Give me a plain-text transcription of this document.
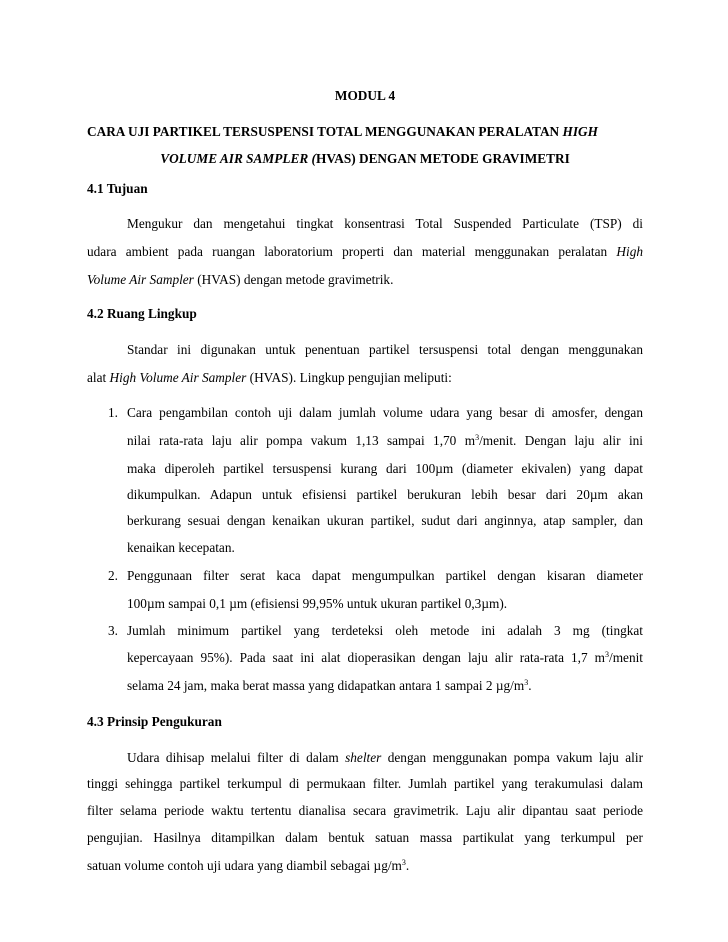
MODUL 4
CARA UJI PARTIKEL TERSUSPENSI TOTAL MENGGUNAKAN PERALATAN HIGH
VOLUME AIR SAMPLER (HVAS) DENGAN METODE GRAVIMETRI
4.1 Tujuan
Mengukur dan mengetahui tingkat konsentrasi Total Suspended Particulate (TSP) di
udara ambient pada ruangan laboratorium properti dan material menggunakan peralatan High
Volume Air Sampler (HVAS) dengan metode gravimetrik.
4.2 Ruang Lingkup
Standar ini digunakan untuk penentuan partikel tersuspensi total dengan menggunakan
alat High Volume Air Sampler (HVAS). Lingkup pengujian meliputi:
1. Cara pengambilan contoh uji dalam jumlah volume udara yang besar di amosfer, dengan
nilai rata-rata laju alir pompa vakum 1,13 sampai 1,70 $m^3$/menit. Dengan laju alir ini
maka diperoleh partikel tersuspensi kurang dari 100µm (diameter ekivalen) yang dapat
dikumpulkan. Adapun untuk efisiensi partikel berukuran lebih besar dari 20µm akan
berkurang sesuai dengan kenaikan ukuran partikel, sudut dari anginnya, atap sampler, dan
kenaikan kecepatan.
2. Penggunaan filter serat kaca dapat mengumpulkan partikel dengan kisaran diameter
100µm sampai 0,1 µm (efisiensi 99,95% untuk ukuran partikel 0,3µm).
3. Jumlah minimum partikel yang terdeteksi oleh metode ini adalah 3 mg (tingkat
kepercayaan 95%). Pada saat ini alat dioperasikan dengan laju alir rata-rata 1,7 $m^3$/menit
selama 24 jam, maka berat massa yang didapatkan antara 1 sampai 2 $\mu g/m^3$.
4.3 Prinsip Pengukuran
Udara dihisap melalui filter di dalam shelter dengan menggunakan pompa vakum laju alir
tinggi sehingga partikel terkumpul di permukaan filter. Jumlah partikel yang terakumulasi dalam
filter selama periode waktu tertentu dianalisa secara gravimetrik. Laju alir dipantau saat periode
pengujian. Hasilnya ditampilkan dalam bentuk satuan massa partikulat yang terkumpul per
satuan volume contoh uji udara yang diambil sebagai $\mu g/m^3$.
